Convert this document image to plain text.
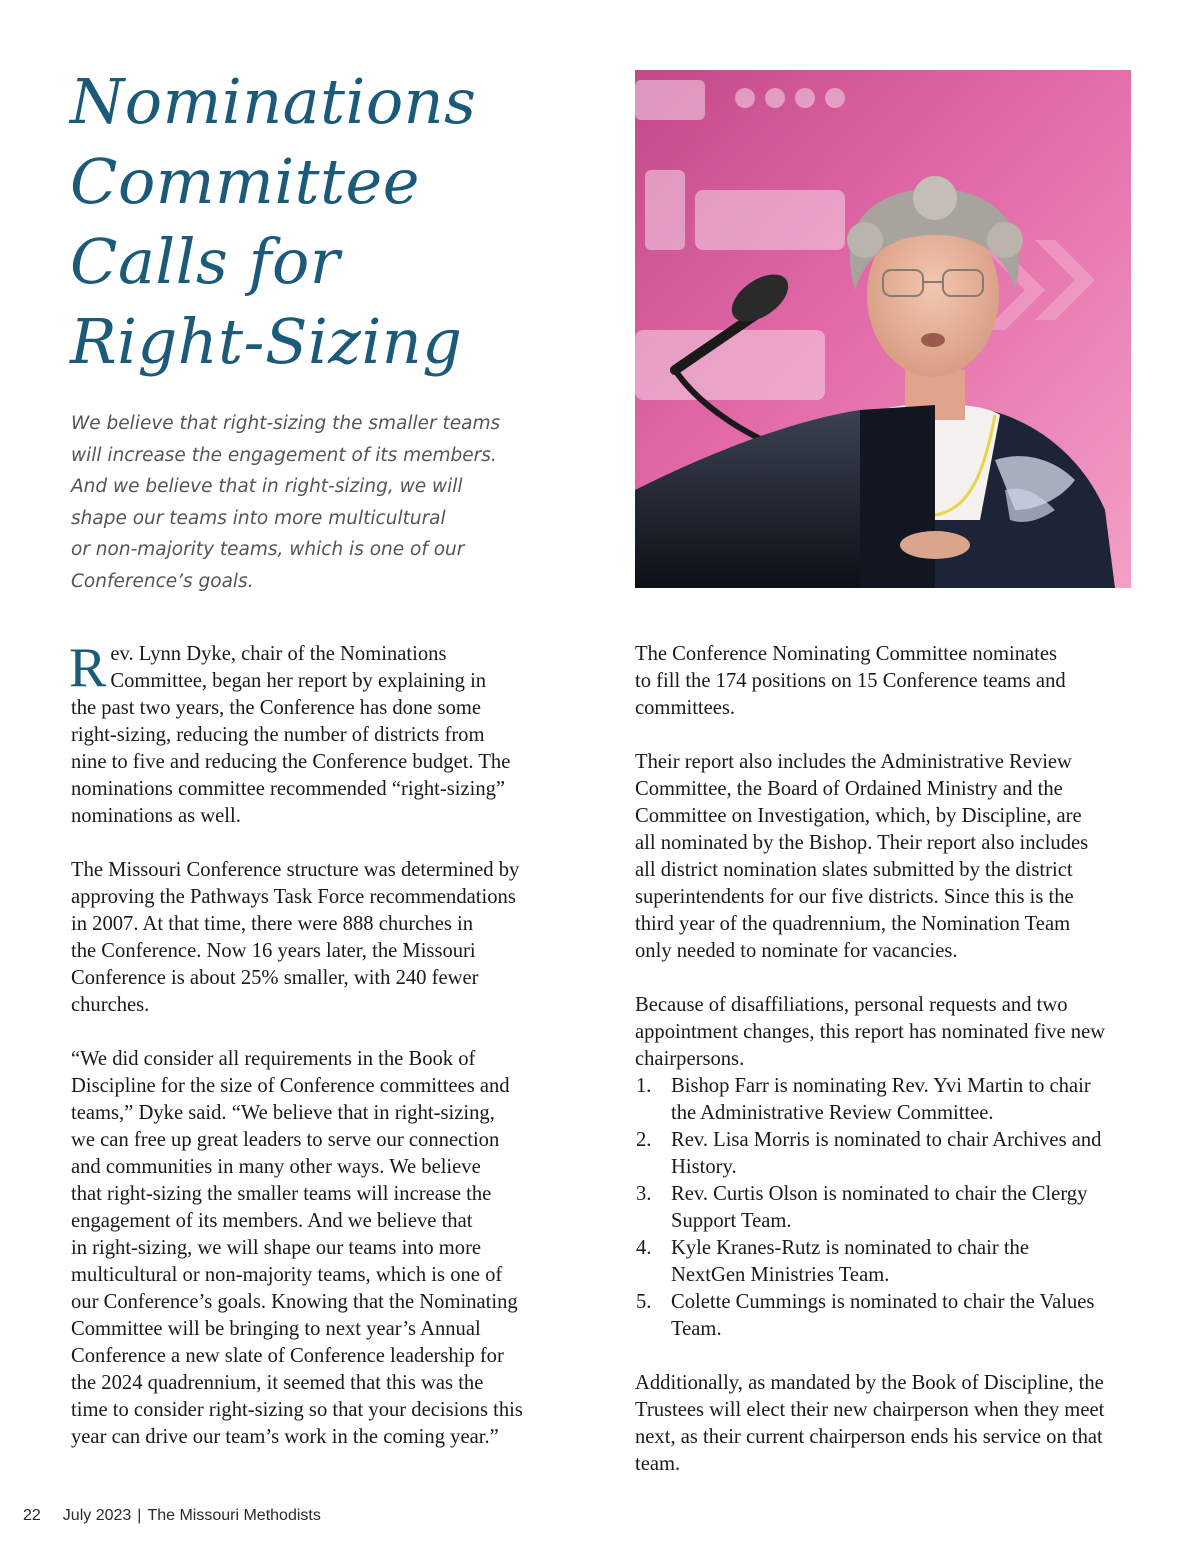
Nominations
Committee
Calls for
Right-Sizing

We believe that right-sizing the smaller teams
will increase the engagement of its members.
And we believe that in right-sizing, we will
shape our teams into more multicultural
or non-majority teams, which is one of our
Conference’s goals.

R ev. Lynn Dyke, chair of the Nominations
Committee, began her report by explaining in
the past two years, the Conference has done some
right-sizing, reducing the number of districts from
nine to five and reducing the Conference budget. The
nominations committee recommended “right-sizing”
nominations as well.

The Missouri Conference structure was determined by
approving the Pathways Task Force recommendations
in 2007. At that time, there were 888 churches in
the Conference. Now 16 years later, the Missouri
Conference is about 25% smaller, with 240 fewer
churches.

“We did consider all requirements in the Book of
Discipline for the size of Conference committees and
teams,” Dyke said. “We believe that in right-sizing,
we can free up great leaders to serve our connection
and communities in many other ways. We believe
that right-sizing the smaller teams will increase the
engagement of its members. And we believe that
in right-sizing, we will shape our teams into more
multicultural or non-majority teams, which is one of
our Conference’s goals. Knowing that the Nominating
Committee will be bringing to next year’s Annual
Conference a new slate of Conference leadership for
the 2024 quadrennium, it seemed that this was the
time to consider right-sizing so that your decisions this
year can drive our team’s work in the coming year.”

The Conference Nominating Committee nominates
to fill the 174 positions on 15 Conference teams and
committees.

Their report also includes the Administrative Review
Committee, the Board of Ordained Ministry and the
Committee on Investigation, which, by Discipline, are
all nominated by the Bishop. Their report also includes
all district nomination slates submitted by the district
superintendents for our five districts. Since this is the
third year of the quadrennium, the Nomination Team
only needed to nominate for vacancies.

Because of disaffiliations, personal requests and two
appointment changes, this report has nominated five new
chairpersons.

1. Bishop Farr is nominating Rev. Yvi Martin to chair
the Administrative Review Committee.
2. Rev. Lisa Morris is nominated to chair Archives and
History.
3. Rev. Curtis Olson is nominated to chair the Clergy
Support Team.
4. Kyle Kranes-Rutz is nominated to chair the
NextGen Ministries Team.
5. Colette Cummings is nominated to chair the Values
Team.

Additionally, as mandated by the Book of Discipline, the
Trustees will elect their new chairperson when they meet
next, as their current chairperson ends his service on that
team.

22 July 2023 | The Missouri Methodists
